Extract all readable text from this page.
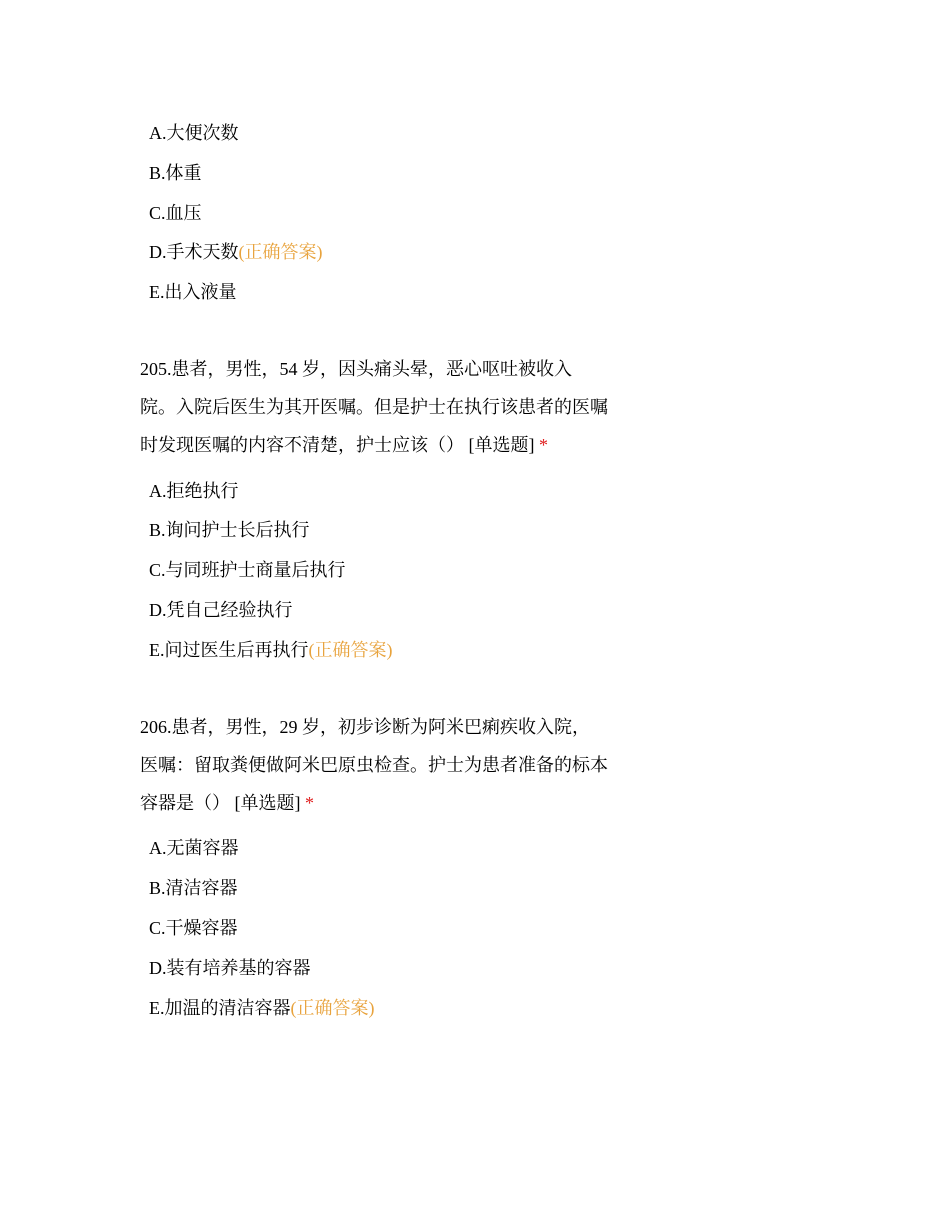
A.大便次数
B.体重
C.血压
D.手术天数(正确答案)
E.出入液量
205.患者，男性，54 岁，因头痛头晕，恶心呕吐被收入
院。入院后医生为其开医嘱。但是护士在执行该患者的医嘱
时发现医嘱的内容不清楚，护士应该（） [单选题] *
A.拒绝执行
B.询问护士长后执行
C.与同班护士商量后执行
D.凭自己经验执行
E.问过医生后再执行(正确答案)
206.患者，男性，29 岁，初步诊断为阿米巴痢疾收入院，
医嘱：留取粪便做阿米巴原虫检查。护士为患者准备的标本
容器是（） [单选题] *
A.无菌容器
B.清洁容器
C.干燥容器
D.装有培养基的容器
E.加温的清洁容器(正确答案)
